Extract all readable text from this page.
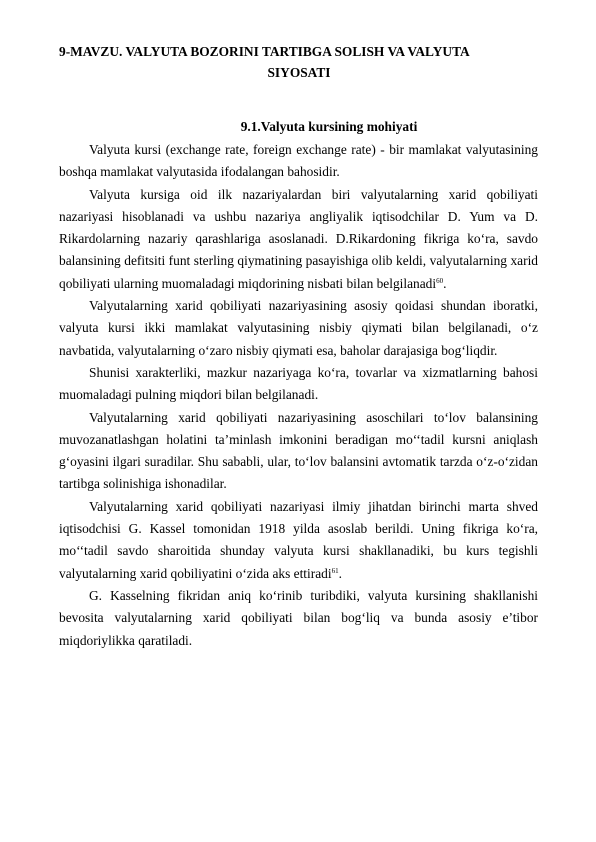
9-MAVZU. VALYUTA BOZORINI TARTIBGA SOLISH VA VALYUTA
SIYOSATI
9.1.Valyuta kursining mohiyati

Valyuta kursi (exchange rate, foreign exchange rate) - bir mamlakat valyutasining boshqa mamlakat valyutasida ifodalangan bahosidir.

Valyuta kursiga oid ilk nazariyalardan biri valyutalarning xarid qobiliyati nazariyasi hisoblanadi va ushbu nazariya angliyalik iqtisodchilar D. Yum va D. Rikardolarning nazariy qarashlariga asoslanadi. D.Rikardoning fikriga ko‘ra, savdo balansining defitsiti funt sterling qiymatining pasayishiga olib keldi, valyutalarning xarid qobiliyati ularning muomaladagi miqdorining nisbati bilan belgilanadi$^{60}$.

Valyutalarning xarid qobiliyati nazariyasining asosiy qoidasi shundan iboratki, valyuta kursi ikki mamlakat valyutasining nisbiy qiymati bilan belgilanadi, o‘z navbatida, valyutalarning o‘zaro nisbiy qiymati esa, baholar darajasiga bog‘liqdir.

Shunisi xarakterliki, mazkur nazariyaga ko‘ra, tovarlar va xizmatlarning bahosi muomaladagi pulning miqdori bilan belgilanadi.

Valyutalarning xarid qobiliyati nazariyasining asoschilari to‘lov balansining muvozanatlashgan holatini ta’minlash imkonini beradigan mo‘‘tadil kursni aniqlash g‘oyasini ilgari suradilar. Shu sababli, ular, to‘lov balansini avtomatik tarzda o‘z-o‘zidan tartibga solinishiga ishonadilar.

Valyutalarning xarid qobiliyati nazariyasi ilmiy jihatdan birinchi marta shved iqtisodchisi G. Kassel tomonidan 1918 yilda asoslab berildi. Uning fikriga ko‘ra, mo‘‘tadil savdo sharoitida shunday valyuta kursi shakllanadiki, bu kurs tegishli valyutalarning xarid qobiliyatini o‘zida aks ettiradi$^{61}$.

G. Kasselning fikridan aniq ko‘rinib turibdiki, valyuta kursining shakllanishi bevosita valyutalarning xarid qobiliyati bilan bog‘liq va bunda asosiy e’tibor miqdoriylikka qaratiladi.
